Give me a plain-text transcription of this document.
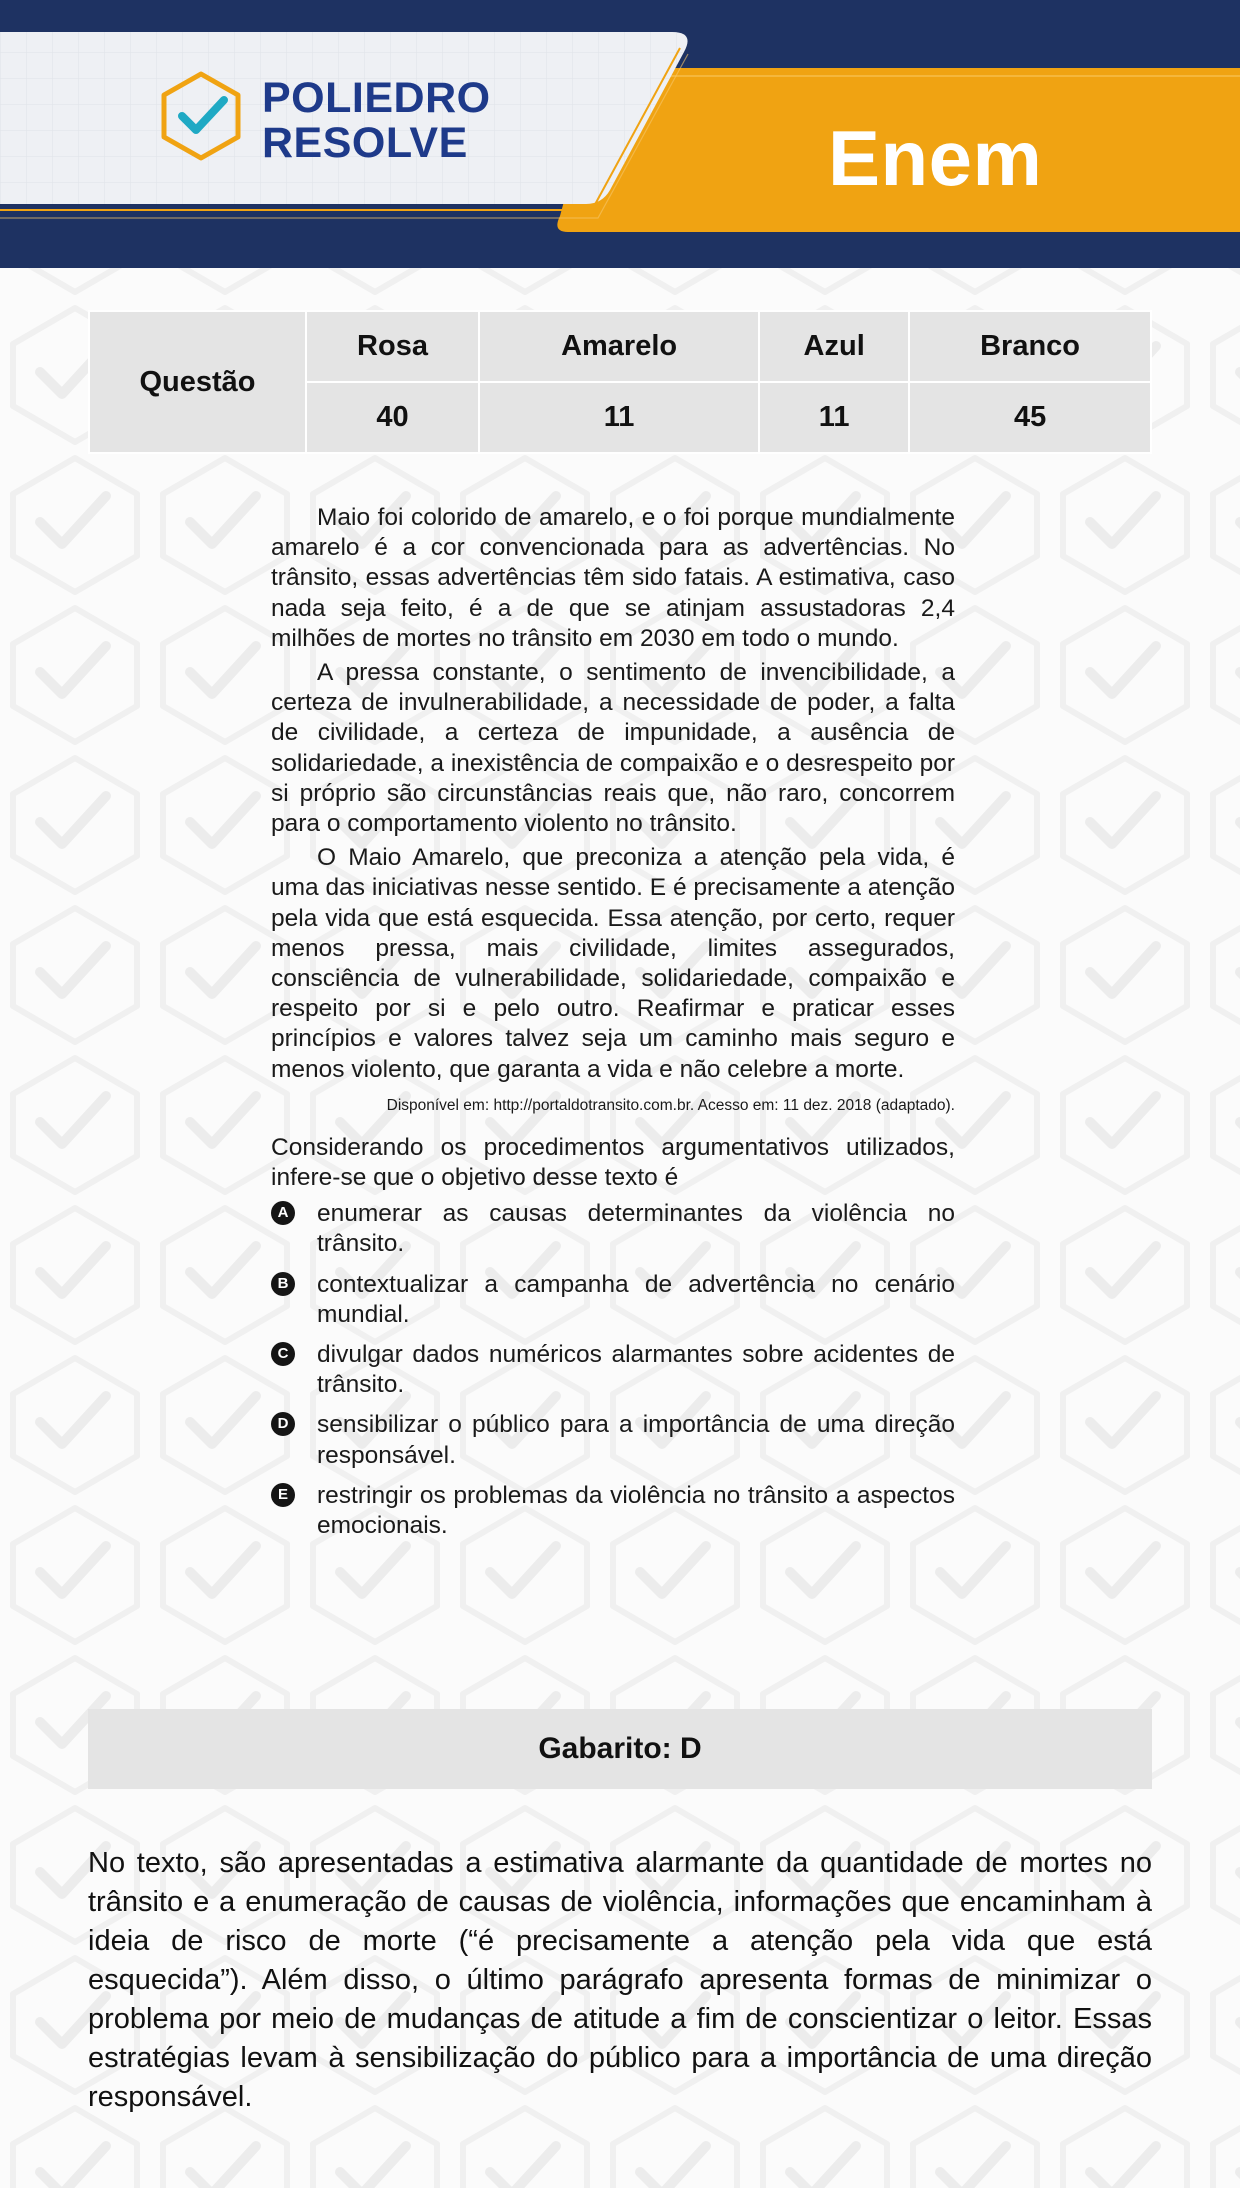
POLIEDRO
RESOLVE	Enem
Questão	Rosa	Amarelo	Azul	Branco
	40	11	11	45

Maio foi colorido de amarelo, e o foi porque mundialmente amarelo é a cor convencionada para as advertências. No trânsito, essas advertências têm sido fatais. A estimativa, caso nada seja feito, é a de que se atinjam assustadoras 2,4 milhões de mortes no trânsito em 2030 em todo o mundo.

A pressa constante, o sentimento de invencibilidade, a certeza de invulnerabilidade, a necessidade de poder, a falta de civilidade, a certeza de impunidade, a ausência de solidariedade, a inexistência de compaixão e o desrespeito por si próprio são circunstâncias reais que, não raro, concorrem para o comportamento violento no trânsito.

O Maio Amarelo, que preconiza a atenção pela vida, é uma das iniciativas nesse sentido. E é precisamente a atenção pela vida que está esquecida. Essa atenção, por certo, requer menos pressa, mais civilidade, limites assegurados, consciência de vulnerabilidade, solidariedade, compaixão e respeito por si e pelo outro. Reafirmar e praticar esses princípios e valores talvez seja um caminho mais seguro e menos violento, que garanta a vida e não celebre a morte.

Disponível em: http://portaldotransito.com.br. Acesso em: 11 dez. 2018 (adaptado).

Considerando os procedimentos argumentativos utilizados, infere-se que o objetivo desse texto é

A enumerar as causas determinantes da violência no trânsito.
B contextualizar a campanha de advertência no cenário mundial.
C divulgar dados numéricos alarmantes sobre acidentes de trânsito.
D sensibilizar o público para a importância de uma direção responsável.
E restringir os problemas da violência no trânsito a aspectos emocionais.
Gabarito: D

No texto, são apresentadas a estimativa alarmante da quantidade de mortes no trânsito e a enumeração de causas de violência, informações que encaminham à ideia de risco de morte (“é precisamente a atenção pela vida que está esquecida”). Além disso, o último parágrafo apresenta formas de minimizar o problema por meio de mudanças de atitude a fim de conscientizar o leitor. Essas estratégias levam à sensibilização do público para a importância de uma direção responsável.
